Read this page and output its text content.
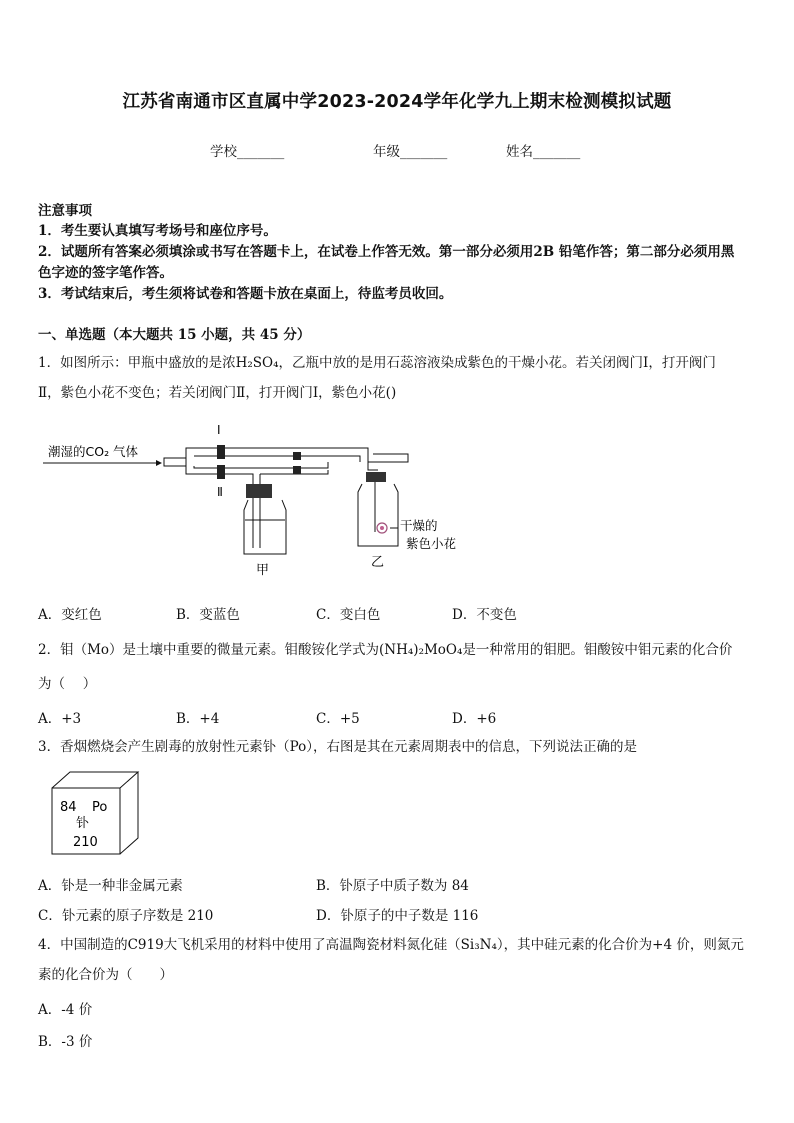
江苏省南通市区直属中学2023-2024学年化学九上期末检测模拟试题
学校_______	年级_______	姓名_______
注意事项
1．考生要认真填写考场号和座位序号。
2．试题所有答案必须填涂或书写在答题卡上，在试卷上作答无效。第一部分必须用2B 铅笔作答；第二部分必须用黑
色字迹的签字笔作答。
3．考试结束后，考生须将试卷和答题卡放在桌面上，待监考员收回。
一、单选题（本大题共 15 小题，共 45 分）
1．如图所示：甲瓶中盛放的是浓H₂SO₄，乙瓶中放的是用石蕊溶液染成紫色的干燥小花。若关闭阀门Ⅰ，打开阀门
Ⅱ，紫色小花不变色；若关闭阀门Ⅱ，打开阀门Ⅰ，紫色小花()
潮湿的CO₂ 气体
Ⅰ
Ⅱ
甲
干燥的
紫色小花
乙
A．变红色	B．变蓝色	C．变白色	D．不变色
2．钼（Mo）是土壤中重要的微量元素。钼酸铵化学式为(NH₄)₂MoO₄是一种常用的钼肥。钼酸铵中钼元素的化合价
为（　 ）
A．+3	B．+4	C．+5	D．+6
3．香烟燃烧会产生剧毒的放射性元素钋（Po），右图是其在元素周期表中的信息，下列说法正确的是
84 Po
钋
210
A．钋是一种非金属元素	B．钋原子中质子数为 84
C．钋元素的原子序数是 210	D．钋原子的中子数是 116
4．中国制造的C919大飞机采用的材料中使用了高温陶瓷材料氮化硅（Si₃N₄），其中硅元素的化合价为+4 价，则氮元
素的化合价为（　　）
A．-4 价
B．-3 价
